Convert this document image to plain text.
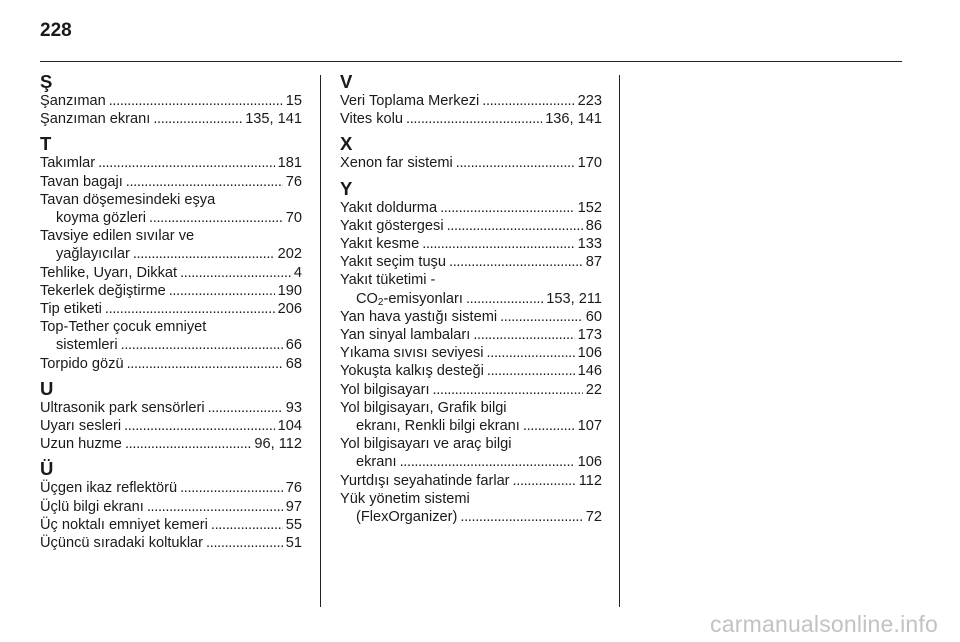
228
Ş
Şanzıman . . .	15
Şanzıman ekranı . . .	135, 141
T
Takımlar . . .	181
Tavan bagajı . . .	76
Tavan döşemesindeki eşya
koyma gözleri . . .	70
Tavsiye edilen sıvılar ve
yağlayıcılar . . .	202
Tehlike, Uyarı, Dikkat . . .	4
Tekerlek değiştirme . . .	190
Tip etiketi . . .	206
Top-Tether çocuk emniyet
sistemleri . . .	66
Torpido gözü . . .	68
U
Ultrasonik park sensörleri . . .	93
Uyarı sesleri . . .	104
Uzun huzme . . .	96, 112
Ü
Üçgen ikaz reflektörü . . .	76
Üçlü bilgi ekranı . . .	97
Üç noktalı emniyet kemeri . . .	55
Üçüncü sıradaki koltuklar . . .	51
V
Veri Toplama Merkezi . . .	223
Vites kolu . . .	136, 141
X
Xenon far sistemi . . .	170
Y
Yakıt doldurma . . .	152
Yakıt göstergesi . . .	86
Yakıt kesme . . .	133
Yakıt seçim tuşu . . .	87
Yakıt tüketimi -
$CO_2$-emisyonları . . .	153, 211
Yan hava yastığı sistemi . . .	60
Yan sinyal lambaları . . .	173
Yıkama sıvısı seviyesi . . .	106
Yokuşta kalkış desteği . . .	146
Yol bilgisayarı . . .	22
Yol bilgisayarı, Grafik bilgi
ekranı, Renkli bilgi ekranı . . .	107
Yol bilgisayarı ve araç bilgi
ekranı . . .	106
Yurtdışı seyahatinde farlar . . .	112
Yük yönetim sistemi
(FlexOrganizer) . . .	72
carmanualsonline.info
